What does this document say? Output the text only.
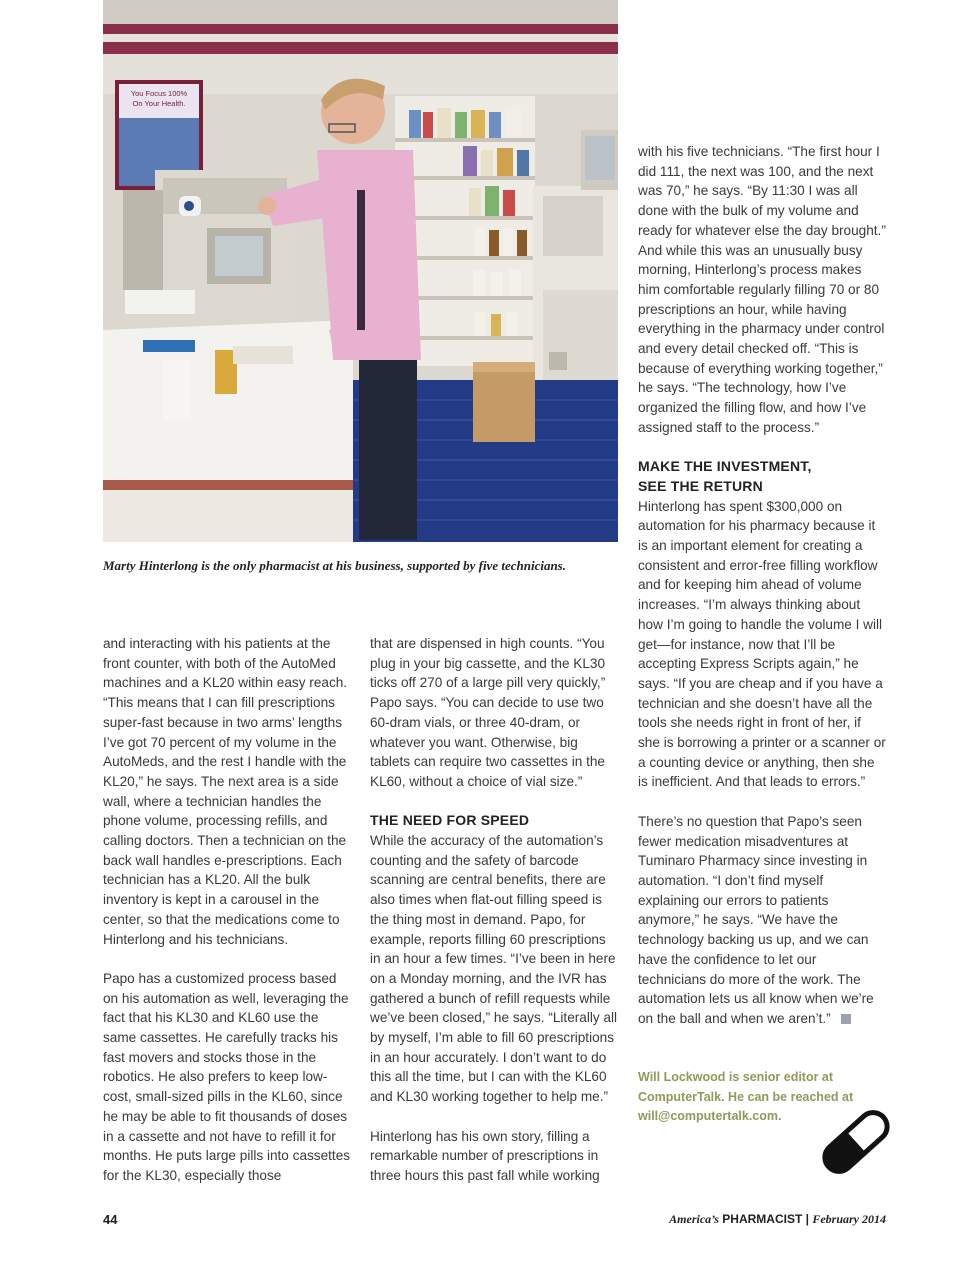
You Focus 100%
On Your Health.
Marty Hinterlong is the only pharmacist at his business, supported by five technicians.

and interacting with his patients at the front counter, with both of the AutoMed machines and a KL20 within easy reach. “This means that I can fill prescriptions super-fast because in two arms’ lengths I’ve got 70 percent of my volume in the AutoMeds, and the rest I handle with the KL20,” he says. The next area is a side wall, where a technician handles the phone volume, processing refills, and calling doctors. Then a technician on the back wall handles e-prescriptions. Each technician has a KL20. All the bulk inventory is kept in a carousel in the center, so that the medications come to Hinterlong and his technicians.

Papo has a customized process based on his automation as well, leveraging the fact that his KL30 and KL60 use the same cassettes. He carefully tracks his fast movers and stocks those in the robotics. He also prefers to keep low-cost, small-sized pills in the KL60, since he may be able to fit thousands of doses in a cassette and not have to refill it for months. He puts large pills into cassettes for the KL30, especially those

that are dispensed in high counts. “You plug in your big cassette, and the KL30 ticks off 270 of a large pill very quickly,” Papo says. “You can decide to use two 60-dram vials, or three 40-dram, or whatever you want. Otherwise, big tablets can require two cassettes in the KL60, without a choice of vial size.”

THE NEED FOR SPEED

While the accuracy of the automation’s counting and the safety of barcode scanning are central benefits, there are also times when flat-out filling speed is the thing most in demand. Papo, for example, reports filling 60 prescriptions in an hour a few times. “I’ve been in here on a Monday morning, and the IVR has gathered a bunch of refill requests while we’ve been closed,” he says. “Literally all by myself, I’m able to fill 60 prescriptions in an hour accurately. I don’t want to do this all the time, but I can with the KL60 and KL30 working together to help me.”

Hinterlong has his own story, filling a remarkable number of prescriptions in three hours this past fall while working

with his five technicians. “The first hour I did 111, the next was 100, and the next was 70,” he says. “By 11:30 I was all done with the bulk of my volume and ready for whatever else the day brought.” And while this was an unusually busy morning, Hinterlong’s process makes him comfortable regularly filling 70 or 80 prescriptions an hour, while having everything in the pharmacy under control and every detail checked off. “This is because of everything working together,” he says. “The technology, how I’ve organized the filling flow, and how I’ve assigned staff to the process.”

MAKE THE INVESTMENT,
SEE THE RETURN

Hinterlong has spent $300,000 on automation for his pharmacy because it is an important element for creating a consistent and error-free filling workflow and for keeping him ahead of volume increases. “I’m always thinking about how I’m going to handle the volume I will get—for instance, now that I’ll be accepting Express Scripts again,” he says. “If you are cheap and if you have a technician and she doesn’t have all the tools she needs right in front of her, if she is borrowing a printer or a scanner or a counting device or anything, then she is inefficient. And that leads to errors.”

There’s no question that Papo’s seen fewer medication misadventures at Tuminaro Pharmacy since investing in automation. “I don’t find myself explaining our errors to patients anymore,” he says. “We have the technology backing us up, and we can have the confidence to let our technicians do more of the work. The automation lets us all know when we’re on the ball and when we aren’t.”

Will Lockwood is senior editor at ComputerTalk. He can be reached at will@computertalk.com.
44	America’s PHARMACIST | February 2014
